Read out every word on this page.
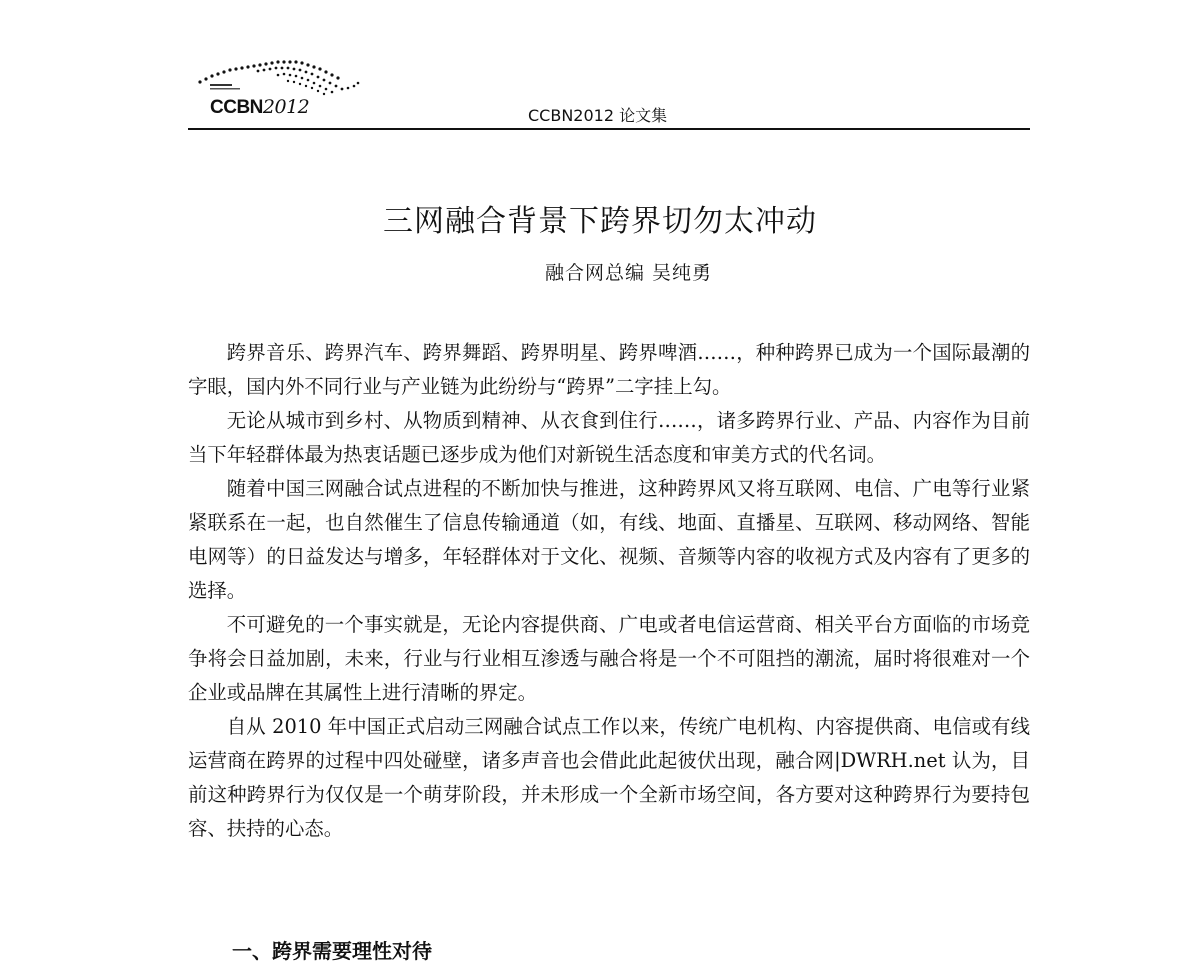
CCBN2012	CCBN2012 论文集
三网融合背景下跨界切勿太冲动
融合网总编 吴纯勇

跨界音乐、跨界汽车、跨界舞蹈、跨界明星、跨界啤酒……，种种跨界已成为一个国际最潮的字眼，国内外不同行业与产业链为此纷纷与“跨界”二字挂上勾。

无论从城市到乡村、从物质到精神、从衣食到住行……，诸多跨界行业、产品、内容作为目前当下年轻群体最为热衷话题已逐步成为他们对新锐生活态度和审美方式的代名词。

随着中国三网融合试点进程的不断加快与推进，这种跨界风又将互联网、电信、广电等行业紧紧联系在一起，也自然催生了信息传输通道（如，有线、地面、直播星、互联网、移动网络、智能电网等）的日益发达与增多，年轻群体对于文化、视频、音频等内容的收视方式及内容有了更多的选择。

不可避免的一个事实就是，无论内容提供商、广电或者电信运营商、相关平台方面临的市场竞争将会日益加剧，未来，行业与行业相互渗透与融合将是一个不可阻挡的潮流，届时将很难对一个企业或品牌在其属性上进行清晰的界定。

自从 2010 年中国正式启动三网融合试点工作以来，传统广电机构、内容提供商、电信或有线运营商在跨界的过程中四处碰壁，诸多声音也会借此此起彼伏出现，融合网|DWRH.net 认为，目前这种跨界行为仅仅是一个萌芽阶段，并未形成一个全新市场空间，各方要对这种跨界行为要持包容、扶持的心态。

一、跨界需要理性对待
